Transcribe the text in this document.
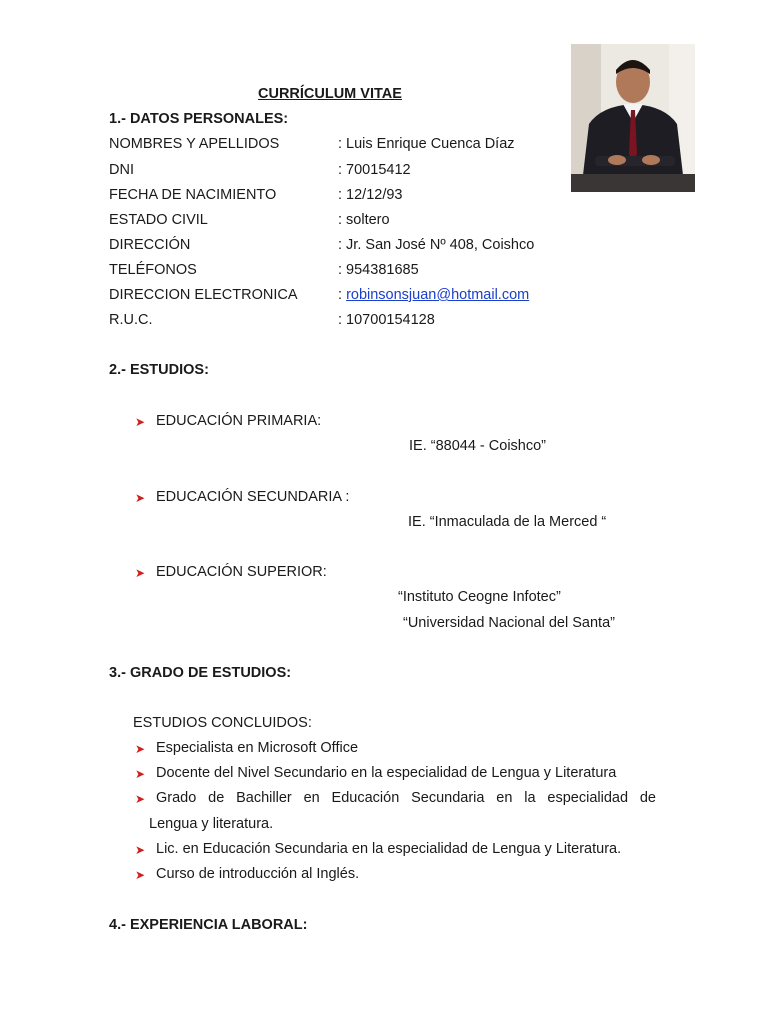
CURRÍCULUM VITAE
1.- DATOS PERSONALES:
NOMBRES Y APELLIDOS	: Luis Enrique Cuenca Díaz
DNI	: 70015412
FECHA DE NACIMIENTO	: 12/12/93
ESTADO CIVIL	: soltero
DIRECCIÓN	: Jr. San José Nº 408, Coishco
TELÉFONOS	: 954381685
DIRECCION ELECTRONICA	: robinsonsjuan@hotmail.com
R.U.C.	: 10700154128
2.- ESTUDIOS:
➤ EDUCACIÓN PRIMARIA:
IE. “88044 - Coishco”
➤ EDUCACIÓN SECUNDARIA :
IE. “Inmaculada de la Merced “
➤ EDUCACIÓN SUPERIOR:
“Instituto Ceogne Infotec”
“Universidad Nacional del Santa”
3.- GRADO DE ESTUDIOS:
ESTUDIOS CONCLUIDOS:
➤ Especialista en Microsoft Office
➤ Docente del Nivel Secundario en la especialidad de Lengua y Literatura
➤ Grado de Bachiller en Educación Secundaria en la especialidad de
Lengua y literatura.
➤ Lic. en Educación Secundaria en la especialidad de Lengua y Literatura.
➤ Curso de introducción al Inglés.
4.- EXPERIENCIA LABORAL:
